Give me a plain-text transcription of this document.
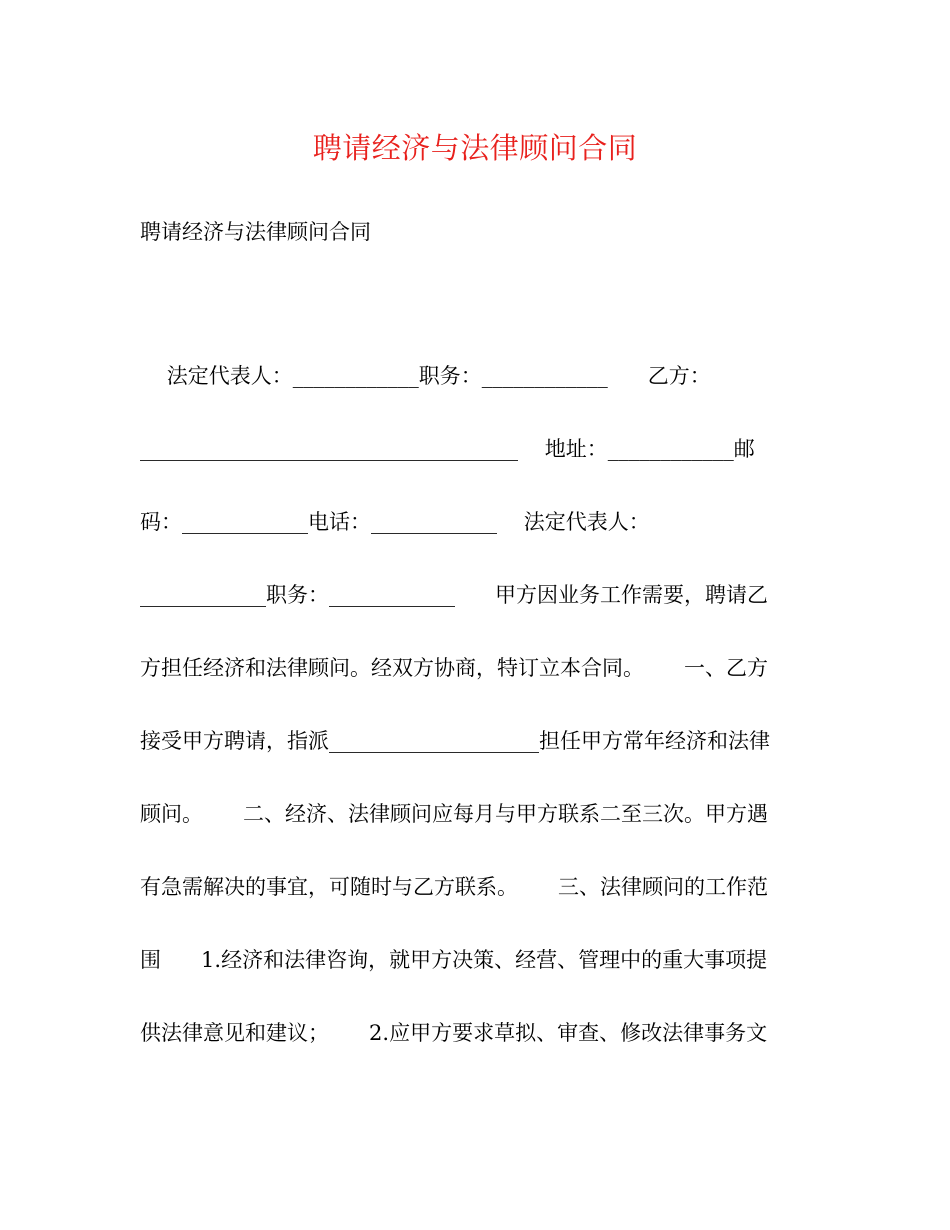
聘请经济与法律顾问合同
聘请经济与法律顾问合同
法定代表人：____________职务：____________      乙方：
____________________________________    地址：____________邮
码：____________电话：____________    法定代表人：
____________职务：____________      甲方因业务工作需要，聘请乙
方担任经济和法律顾问。经双方协商，特订立本合同。      一、乙方
接受甲方聘请，指派____________________担任甲方常年经济和法律
顾问。      二、经济、法律顾问应每月与甲方联系二至三次。甲方遇
有急需解决的事宜，可随时与乙方联系。      三、法律顾问的工作范
围      1.经济和法律咨询，就甲方决策、经营、管理中的重大事项提
供法律意见和建议；      2.应甲方要求草拟、审查、修改法律事务文
